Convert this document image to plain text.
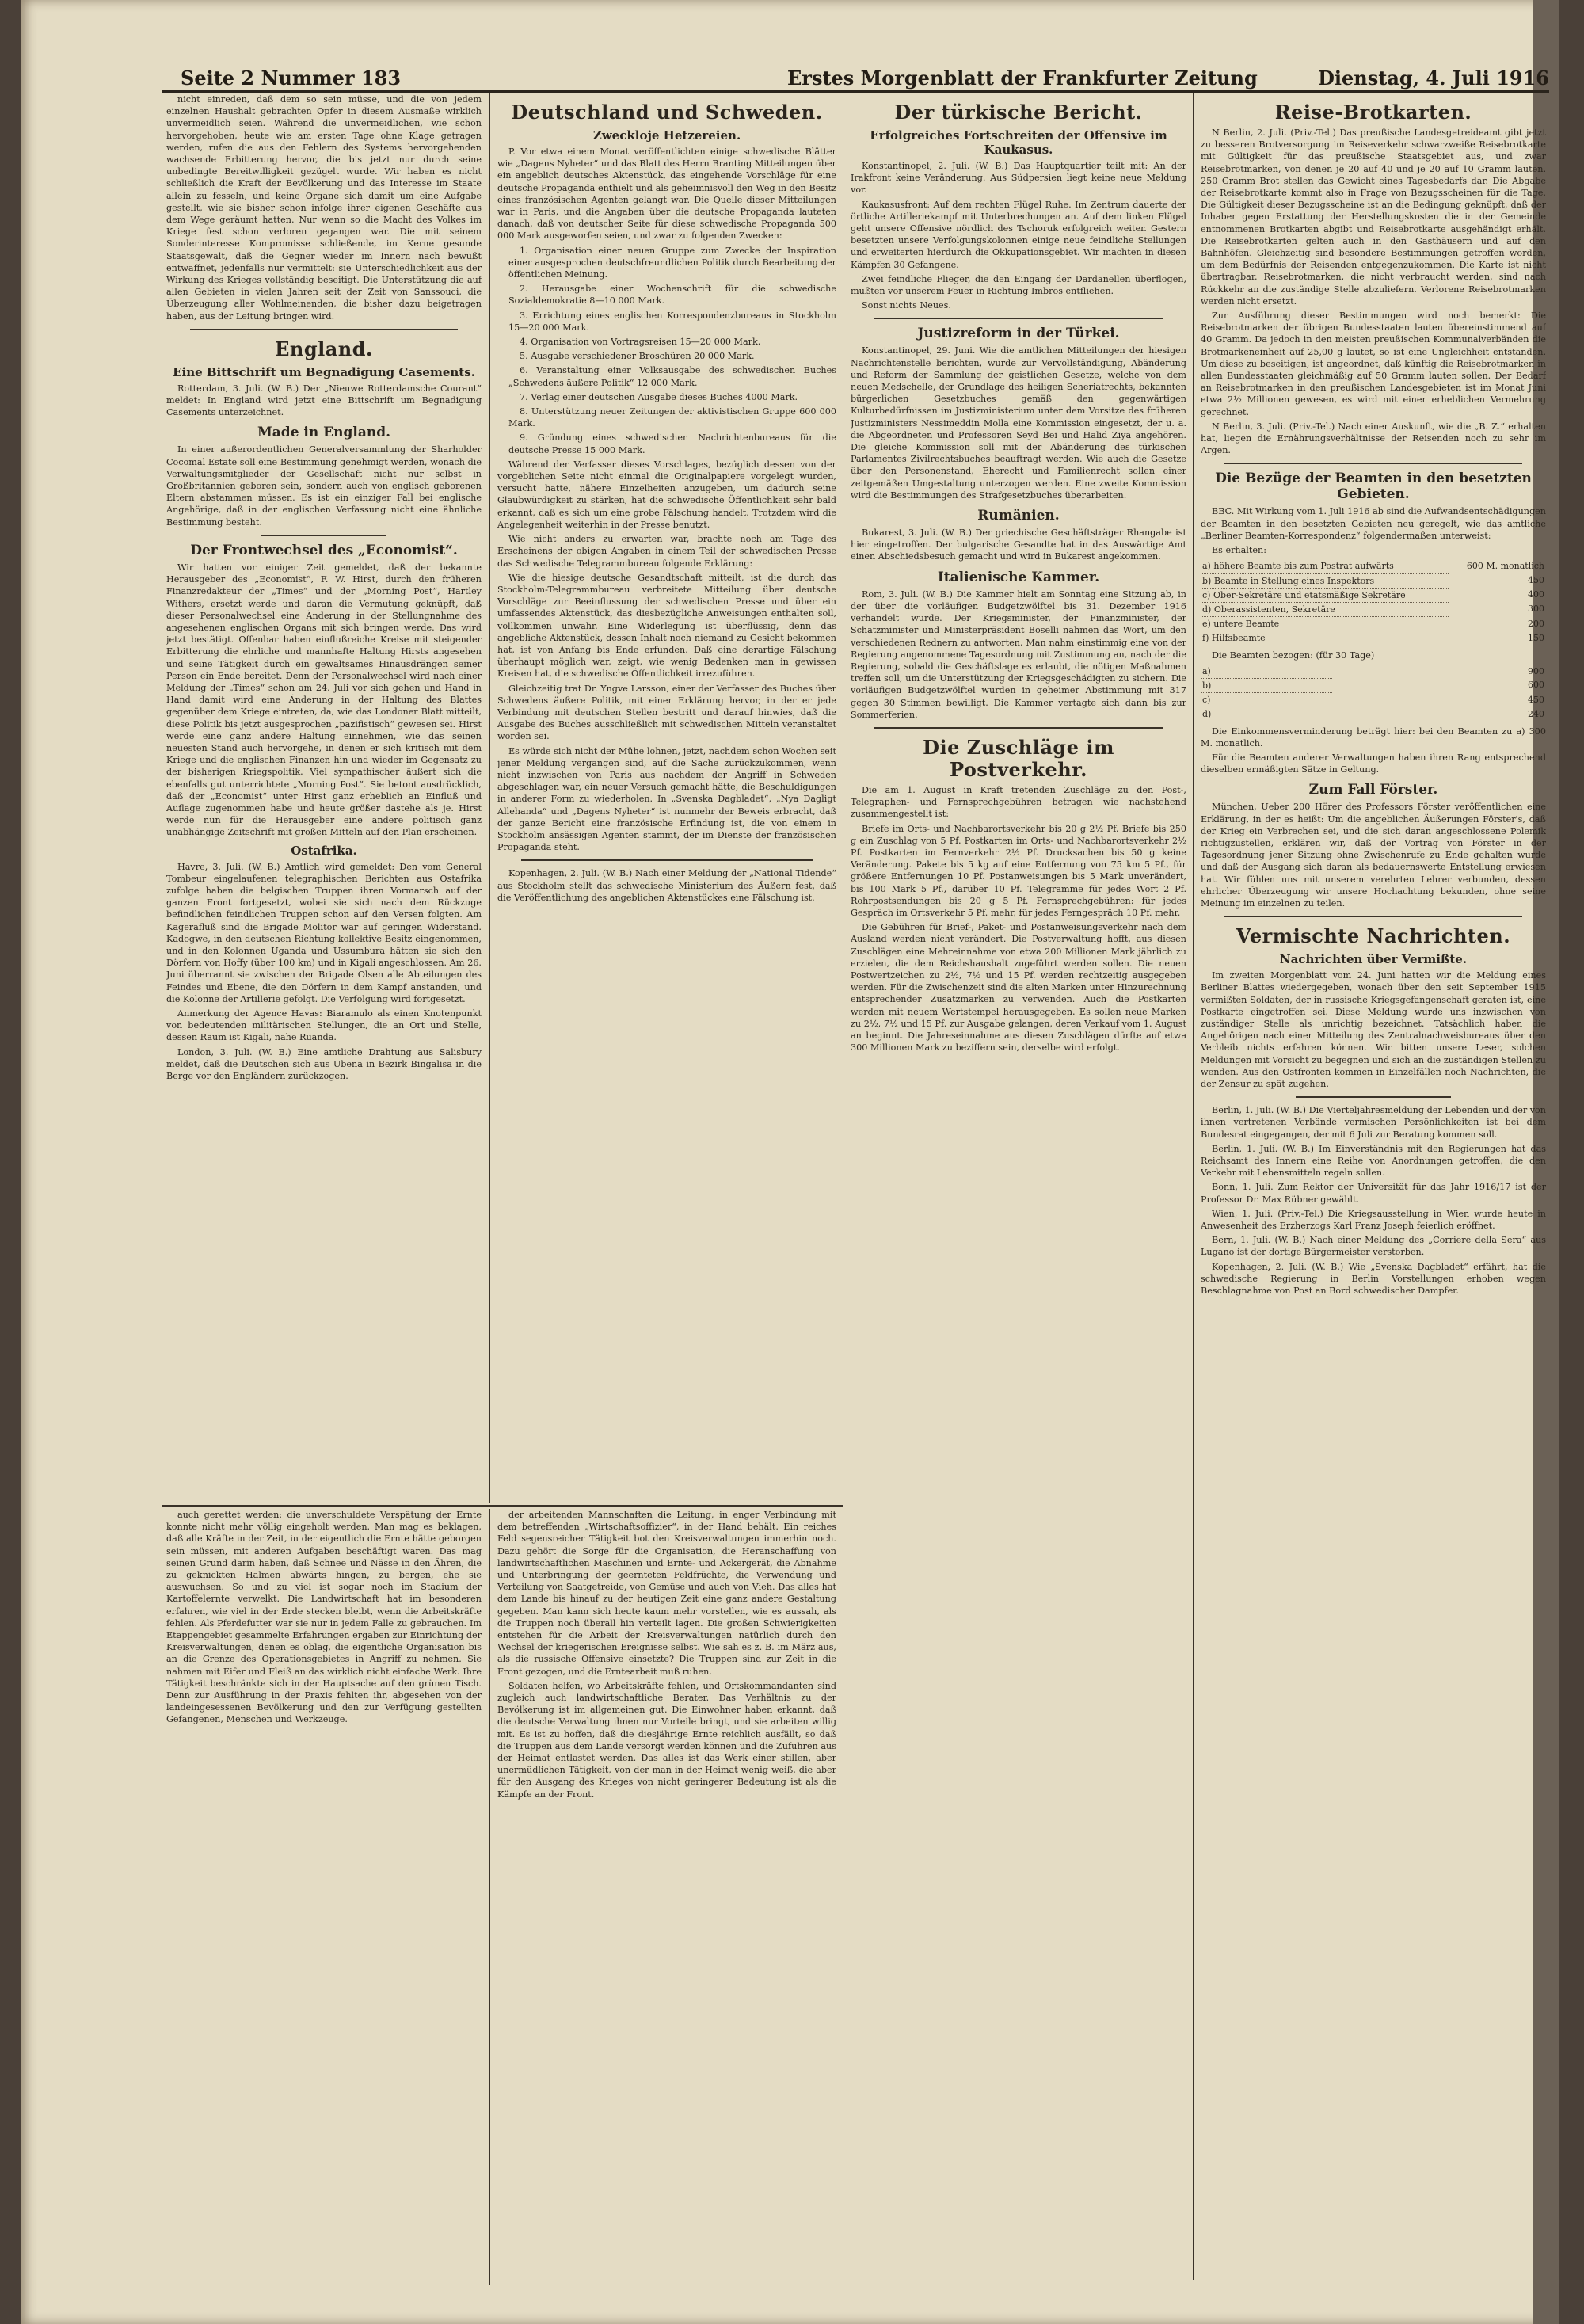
Seite 2 Nummer 183	Erstes Morgenblatt der Frankfurter Zeitung	Dienstag, 4. Juli 1916

nicht einreden, daß dem so sein müsse, und die von jedem einzelnen Haushalt gebrachten Opfer in diesem Ausmaße wirklich unvermeidlich seien. Während die unvermeidlichen, wie schon hervorgehoben, heute wie am ersten Tage ohne Klage getragen werden, rufen die aus den Fehlern des Systems hervorgehenden wachsende Erbitterung hervor, die bis jetzt nur durch seine unbedingte Bereitwilligkeit gezügelt wurde. Wir haben es nicht schließlich die Kraft der Bevölkerung und das Interesse im Staate allein zu fesseln, und keine Organe sich damit um eine Aufgabe gestellt, wie sie bisher schon infolge ihrer eigenen Geschäfte aus dem Wege geräumt hatten. Nur wenn so die Macht des Volkes im Kriege fest schon verloren gegangen war. Die mit seinem Sonderinteresse Kompromisse schließende, im Kerne gesunde Staatsgewalt, daß die Gegner wieder im Innern nach bewußt entwaffnet, jedenfalls nur vermittelt: sie Unterschiedlichkeit aus der Wirkung des Krieges vollständig beseitigt. Die Unterstützung die auf allen Gebieten in vielen Jahren seit der Zeit von Sanssouci, die Überzeugung aller Wohlmeinenden, die bisher dazu beigetragen haben, aus der Leitung bringen wird.

England.
Eine Bittschrift um Begnadigung Casements.

Rotterdam, 3. Juli. (W. B.) Der „Nieuwe Rotterdamsche Courant“ meldet: In England wird jetzt eine Bittschrift um Begnadigung Casements unterzeichnet.

Made in England.

In einer außerordentlichen Generalversammlung der Sharholder Cocomal Estate soll eine Bestimmung genehmigt werden, wonach die Verwaltungsmitglieder der Gesellschaft nicht nur selbst in Großbritannien geboren sein, sondern auch von englisch geborenen Eltern abstammen müssen. Es ist ein einziger Fall bei englische Angehörige, daß in der englischen Verfassung nicht eine ähnliche Bestimmung besteht.

Der Frontwechsel des „Economist“.

Wir hatten vor einiger Zeit gemeldet, daß der bekannte Herausgeber des „Economist“, F. W. Hirst, durch den früheren Finanzredakteur der „Times“ und der „Morning Post“, Hartley Withers, ersetzt werde und daran die Vermutung geknüpft, daß dieser Personalwechsel eine Änderung in der Stellungnahme des angesehenen englischen Organs mit sich bringen werde. Das wird jetzt bestätigt. Offenbar haben einflußreiche Kreise mit steigender Erbitterung die ehrliche und mannhafte Haltung Hirsts angesehen und seine Tätigkeit durch ein gewaltsames Hinausdrängen seiner Person ein Ende bereitet. Denn der Personalwechsel wird nach einer Meldung der „Times“ schon am 24. Juli vor sich gehen und Hand in Hand damit wird eine Änderung in der Haltung des Blattes gegenüber dem Kriege eintreten, da, wie das Londoner Blatt mitteilt, diese Politik bis jetzt ausgesprochen „pazifistisch“ gewesen sei. Hirst werde eine ganz andere Haltung einnehmen, wie das seinen neuesten Stand auch hervorgehe, in denen er sich kritisch mit dem Kriege und die englischen Finanzen hin und wieder im Gegensatz zu der bisherigen Kriegspolitik. Viel sympathischer äußert sich die ebenfalls gut unterrichtete „Morning Post“. Sie betont ausdrücklich, daß der „Economist“ unter Hirst ganz erheblich an Einfluß und Auflage zugenommen habe und heute größer dastehe als je. Hirst werde nun für die Herausgeber eine andere politisch ganz unabhängige Zeitschrift mit großen Mitteln auf den Plan erscheinen.

Ostafrika.

Havre, 3. Juli. (W. B.) Amtlich wird gemeldet: Den vom General Tombeur eingelaufenen telegraphischen Berichten aus Ostafrika zufolge haben die belgischen Truppen ihren Vormarsch auf der ganzen Front fortgesetzt, wobei sie sich nach dem Rückzuge befindlichen feindlichen Truppen schon auf den Versen folgten. Am Kagerafluß sind die Brigade Molitor war auf geringen Widerstand. Kadogwe, in den deutschen Richtung kollektive Besitz eingenommen, und in den Kolonnen Uganda und Ussumbura hätten sie sich den Dörfern von Hoffy (über 100 km) und in Kigali angeschlossen. Am 26. Juni überrannt sie zwischen der Brigade Olsen alle Abteilungen des Feindes und Ebene, die den Dörfern in dem Kampf anstanden, und die Kolonne der Artillerie gefolgt. Die Verfolgung wird fortgesetzt.

Anmerkung der Agence Havas: Biaramulo als einen Knotenpunkt von bedeutenden militärischen Stellungen, die an Ort und Stelle, dessen Raum ist Kigali, nahe Ruanda.

London, 3. Juli. (W. B.) Eine amtliche Drahtung aus Salisbury meldet, daß die Deutschen sich aus Ubena in Bezirk Bingalisa in die Berge vor den Engländern zurückzogen.

Deutschland und Schweden.
Zweckloje Hetzereien.

P. Vor etwa einem Monat veröffentlichten einige schwedische Blätter wie „Dagens Nyheter“ und das Blatt des Herrn Branting Mitteilungen über ein angeblich deutsches Aktenstück, das eingehende Vorschläge für eine deutsche Propaganda enthielt und als geheimnisvoll den Weg in den Besitz eines französischen Agenten gelangt war. Die Quelle dieser Mitteilungen war in Paris, und die Angaben über die deutsche Propaganda lauteten danach, daß von deutscher Seite für diese schwedische Propaganda 500 000 Mark ausgeworfen seien, und zwar zu folgenden Zwecken:

1. Organisation einer neuen Gruppe zum Zwecke der Inspiration einer ausgesprochen deutschfreundlichen Politik durch Bearbeitung der öffentlichen Meinung.

2. Herausgabe einer Wochenschrift für die schwedische Sozialdemokratie 8—10 000 Mark.

3. Errichtung eines englischen Korrespondenzbureaus in Stockholm 15—20 000 Mark.

4. Organisation von Vortragsreisen 15—20 000 Mark.

5. Ausgabe verschiedener Broschüren 20 000 Mark.

6. Veranstaltung einer Volksausgabe des schwedischen Buches „Schwedens äußere Politik“ 12 000 Mark.

7. Verlag einer deutschen Ausgabe dieses Buches 4000 Mark.

8. Unterstützung neuer Zeitungen der aktivistischen Gruppe 600 000 Mark.

9. Gründung eines schwedischen Nachrichtenbureaus für die deutsche Presse 15 000 Mark.

Während der Verfasser dieses Vorschlages, bezüglich dessen von der vorgeblichen Seite nicht einmal die Originalpapiere vorgelegt wurden, versucht hatte, nähere Einzelheiten anzugeben, um dadurch seine Glaubwürdigkeit zu stärken, hat die schwedische Öffentlichkeit sehr bald erkannt, daß es sich um eine grobe Fälschung handelt. Trotzdem wird die Angelegenheit weiterhin in der Presse benutzt.

Wie nicht anders zu erwarten war, brachte noch am Tage des Erscheinens der obigen Angaben in einem Teil der schwedischen Presse das Schwedische Telegrammbureau folgende Erklärung:

Wie die hiesige deutsche Gesandtschaft mitteilt, ist die durch das Stockholm-Telegrammbureau verbreitete Mitteilung über deutsche Vorschläge zur Beeinflussung der schwedischen Presse und über ein umfassendes Aktenstück, das diesbezügliche Anweisungen enthalten soll, vollkommen unwahr. Eine Widerlegung ist überflüssig, denn das angebliche Aktenstück, dessen Inhalt noch niemand zu Gesicht bekommen hat, ist von Anfang bis Ende erfunden. Daß eine derartige Fälschung überhaupt möglich war, zeigt, wie wenig Bedenken man in gewissen Kreisen hat, die schwedische Öffentlichkeit irrezuführen.

Gleichzeitig trat Dr. Yngve Larsson, einer der Verfasser des Buches über Schwedens äußere Politik, mit einer Erklärung hervor, in der er jede Verbindung mit deutschen Stellen bestritt und darauf hinwies, daß die Ausgabe des Buches ausschließlich mit schwedischen Mitteln veranstaltet worden sei.

Es würde sich nicht der Mühe lohnen, jetzt, nachdem schon Wochen seit jener Meldung vergangen sind, auf die Sache zurückzukommen, wenn nicht inzwischen von Paris aus nachdem der Angriff in Schweden abgeschlagen war, ein neuer Versuch gemacht hätte, die Beschuldigungen in anderer Form zu wiederholen. In „Svenska Dagbladet“, „Nya Dagligt Allehanda“ und „Dagens Nyheter“ ist nunmehr der Beweis erbracht, daß der ganze Bericht eine französische Erfindung ist, die von einem in Stockholm ansässigen Agenten stammt, der im Dienste der französischen Propaganda steht.

Kopenhagen, 2. Juli. (W. B.) Nach einer Meldung der „National Tidende“ aus Stockholm stellt das schwedische Ministerium des Äußern fest, daß die Veröffentlichung des angeblichen Aktenstückes eine Fälschung ist.

Der türkische Bericht.
Erfolgreiches Fortschreiten der Offensive im Kaukasus.

Konstantinopel, 2. Juli. (W. B.) Das Hauptquartier teilt mit: An der Irakfront keine Veränderung. Aus Südpersien liegt keine neue Meldung vor.

Kaukasusfront: Auf dem rechten Flügel Ruhe. Im Zentrum dauerte der örtliche Artilleriekampf mit Unterbrechungen an. Auf dem linken Flügel geht unsere Offensive nördlich des Tschoruk erfolgreich weiter. Gestern besetzten unsere Verfolgungskolonnen einige neue feindliche Stellungen und erweiterten hierdurch die Okkupationsgebiet. Wir machten in diesen Kämpfen 30 Gefangene.

Zwei feindliche Flieger, die den Eingang der Dardanellen überflogen, mußten vor unserem Feuer in Richtung Imbros entfliehen.

Sonst nichts Neues.

Justizreform in der Türkei.

Konstantinopel, 29. Juni. Wie die amtlichen Mitteilungen der hiesigen Nachrichtenstelle berichten, wurde zur Vervollständigung, Abänderung und Reform der Sammlung der geistlichen Gesetze, welche von dem neuen Medschelle, der Grundlage des heiligen Scheriatrechts, bekannten bürgerlichen Gesetzbuches gemäß den gegenwärtigen Kulturbedürfnissen im Justizministerium unter dem Vorsitze des früheren Justizministers Nessimeddin Molla eine Kommission eingesetzt, der u. a. die Abgeordneten und Professoren Seyd Bei und Halid Ziya angehören. Die gleiche Kommission soll mit der Abänderung des türkischen Parlamentes Zivilrechtsbuches beauftragt werden. Wie auch die Gesetze über den Personenstand, Eherecht und Familienrecht sollen einer zeitgemäßen Umgestaltung unterzogen werden. Eine zweite Kommission wird die Bestimmungen des Strafgesetzbuches überarbeiten.

Rumänien.

Bukarest, 3. Juli. (W. B.) Der griechische Geschäftsträger Rhangabe ist hier eingetroffen. Der bulgarische Gesandte hat in das Auswärtige Amt einen Abschiedsbesuch gemacht und wird in Bukarest angekommen.

Italienische Kammer.

Rom, 3. Juli. (W. B.) Die Kammer hielt am Sonntag eine Sitzung ab, in der über die vorläufigen Budgetzwölftel bis 31. Dezember 1916 verhandelt wurde. Der Kriegsminister, der Finanzminister, der Schatzminister und Ministerpräsident Boselli nahmen das Wort, um den verschiedenen Rednern zu antworten. Man nahm einstimmig eine von der Regierung angenommene Tagesordnung mit Zustimmung an, nach der die Regierung, sobald die Geschäftslage es erlaubt, die nötigen Maßnahmen treffen soll, um die Unterstützung der Kriegsgeschädigten zu sichern. Die vorläufigen Budgetzwölftel wurden in geheimer Abstimmung mit 317 gegen 30 Stimmen bewilligt. Die Kammer vertagte sich dann bis zur Sommerferien.

Die Zuschläge im Postverkehr.

Die am 1. August in Kraft tretenden Zuschläge zu den Post-, Telegraphen- und Fernsprechgebühren betragen wie nachstehend zusammengestellt ist:

Briefe im Orts- und Nachbarortsverkehr bis 20 g 2½ Pf. Briefe bis 250 g ein Zuschlag von 5 Pf. Postkarten im Orts- und Nachbarortsverkehr 2½ Pf. Postkarten im Fernverkehr 2½ Pf. Drucksachen bis 50 g keine Veränderung. Pakete bis 5 kg auf eine Entfernung von 75 km 5 Pf., für größere Entfernungen 10 Pf. Postanweisungen bis 5 Mark unverändert, bis 100 Mark 5 Pf., darüber 10 Pf. Telegramme für jedes Wort 2 Pf. Rohrpostsendungen bis 20 g 5 Pf. Fernsprechgebühren: für jedes Gespräch im Ortsverkehr 5 Pf. mehr, für jedes Ferngespräch 10 Pf. mehr.

Die Gebühren für Brief-, Paket- und Postanweisungsverkehr nach dem Ausland werden nicht verändert. Die Postverwaltung hofft, aus diesen Zuschlägen eine Mehreinnahme von etwa 200 Millionen Mark jährlich zu erzielen, die dem Reichshaushalt zugeführt werden sollen. Die neuen Postwertzeichen zu 2½, 7½ und 15 Pf. werden rechtzeitig ausgegeben werden. Für die Zwischenzeit sind die alten Marken unter Hinzurechnung entsprechender Zusatzmarken zu verwenden. Auch die Postkarten werden mit neuem Wertstempel herausgegeben. Es sollen neue Marken zu 2½, 7½ und 15 Pf. zur Ausgabe gelangen, deren Verkauf vom 1. August an beginnt. Die Jahreseinnahme aus diesen Zuschlägen dürfte auf etwa 300 Millionen Mark zu beziffern sein, derselbe wird erfolgt.

Reise-Brotkarten.

N Berlin, 2. Juli. (Priv.-Tel.) Das preußische Landesgetreideamt gibt jetzt zu besseren Brotversorgung im Reiseverkehr schwarzweiße Reisebrotkarte mit Gültigkeit für das preußische Staatsgebiet aus, und zwar Reisebrotmarken, von denen je 20 auf 40 und je 20 auf 10 Gramm lauten. 250 Gramm Brot stellen das Gewicht eines Tagesbedarfs dar. Die Abgabe der Reisebrotkarte kommt also in Frage von Bezugsscheinen für die Tage. Die Gültigkeit dieser Bezugsscheine ist an die Bedingung geknüpft, daß der Inhaber gegen Erstattung der Herstellungskosten die in der Gemeinde entnommenen Brotkarten abgibt und Reisebrotkarte ausgehändigt erhält. Die Reisebrotkarten gelten auch in den Gasthäusern und auf den Bahnhöfen. Gleichzeitig sind besondere Bestimmungen getroffen worden, um dem Bedürfnis der Reisenden entgegenzukommen. Die Karte ist nicht übertragbar. Reisebrotmarken, die nicht verbraucht werden, sind nach Rückkehr an die zuständige Stelle abzuliefern. Verlorene Reisebrotmarken werden nicht ersetzt.

Zur Ausführung dieser Bestimmungen wird noch bemerkt: Die Reisebrotmarken der übrigen Bundesstaaten lauten übereinstimmend auf 40 Gramm. Da jedoch in den meisten preußischen Kommunalverbänden die Brotmarkeneinheit auf 25,00 g lautet, so ist eine Ungleichheit entstanden. Um diese zu beseitigen, ist angeordnet, daß künftig die Reisebrotmarken in allen Bundesstaaten gleichmäßig auf 50 Gramm lauten sollen. Der Bedarf an Reisebrotmarken in den preußischen Landesgebieten ist im Monat Juni etwa 2½ Millionen gewesen, es wird mit einer erheblichen Vermehrung gerechnet.

N Berlin, 3. Juli. (Priv.-Tel.) Nach einer Auskunft, wie die „B. Z.“ erhalten hat, liegen die Ernährungsverhältnisse der Reisenden noch zu sehr im Argen.

Die Bezüge der Beamten in den besetzten Gebieten.

BBC. Mit Wirkung vom 1. Juli 1916 ab sind die Aufwandsentschädigungen der Beamten in den besetzten Gebieten neu geregelt, wie das amtliche „Berliner Beamten-Korrespondenz“ folgendermaßen unterweist:

Es erhalten:

a) höhere Beamte bis zum Postrat aufwärts	600 M. monatlich
b) Beamte in Stellung eines Inspektors	450
c) Ober-Sekretäre und etatsmäßige Sekretäre	400
d) Oberassistenten, Sekretäre	300
e) untere Beamte	200
f) Hilfsbeamte	150

Die Beamten bezogen: (für 30 Tage)

a)	900
b)	600
c)	450
d)	240

Die Einkommensverminderung beträgt hier: bei den Beamten zu a) 300 M. monatlich.

Für die Beamten anderer Verwaltungen haben ihren Rang entsprechend dieselben ermäßigten Sätze in Geltung.

Zum Fall Förster.

München, Ueber 200 Hörer des Professors Förster veröffentlichen eine Erklärung, in der es heißt: Um die angeblichen Äußerungen Förster's, daß der Krieg ein Verbrechen sei, und die sich daran angeschlossene Polemik richtigzustellen, erklären wir, daß der Vortrag von Förster in der Tagesordnung jener Sitzung ohne Zwischenrufe zu Ende gehalten wurde und daß der Ausgang sich daran als bedauernswerte Entstellung erwiesen hat. Wir fühlen uns mit unserem verehrten Lehrer verbunden, dessen ehrlicher Überzeugung wir unsere Hochachtung bekunden, ohne seine Meinung im einzelnen zu teilen.

Vermischte Nachrichten.
Nachrichten über Vermißte.

Im zweiten Morgenblatt vom 24. Juni hatten wir die Meldung eines Berliner Blattes wiedergegeben, wonach über den seit September 1915 vermißten Soldaten, der in russische Kriegsgefangenschaft geraten ist, eine Postkarte eingetroffen sei. Diese Meldung wurde uns inzwischen von zuständiger Stelle als unrichtig bezeichnet. Tatsächlich haben die Angehörigen nach einer Mitteilung des Zentralnachweisbureaus über den Verbleib nichts erfahren können. Wir bitten unsere Leser, solchen Meldungen mit Vorsicht zu begegnen und sich an die zuständigen Stellen zu wenden. Aus den Ostfronten kommen in Einzelfällen noch Nachrichten, die der Zensur zu spät zugehen.

Berlin, 1. Juli. (W. B.) Die Vierteljahresmeldung der Lebenden und der von ihnen vertretenen Verbände vermischen Persönlichkeiten ist bei dem Bundesrat eingegangen, der mit 6 Juli zur Beratung kommen soll.

Berlin, 1. Juli. (W. B.) Im Einverständnis mit den Regierungen hat das Reichsamt des Innern eine Reihe von Anordnungen getroffen, die den Verkehr mit Lebensmitteln regeln sollen.

Bonn, 1. Juli. Zum Rektor der Universität für das Jahr 1916/17 ist der Professor Dr. Max Rübner gewählt.

Wien, 1. Juli. (Priv.-Tel.) Die Kriegsausstellung in Wien wurde heute in Anwesenheit des Erzherzogs Karl Franz Joseph feierlich eröffnet.

Bern, 1. Juli. (W. B.) Nach einer Meldung des „Corriere della Sera“ aus Lugano ist der dortige Bürgermeister verstorben.

Kopenhagen, 2. Juli. (W. B.) Wie „Svenska Dagbladet“ erfährt, hat die schwedische Regierung in Berlin Vorstellungen erhoben wegen Beschlagnahme von Post an Bord schwedischer Dampfer.

auch gerettet werden: die unverschuldete Verspätung der Ernte konnte nicht mehr völlig eingeholt werden. Man mag es beklagen, daß alle Kräfte in der Zeit, in der eigentlich die Ernte hätte geborgen sein müssen, mit anderen Aufgaben beschäftigt waren. Das mag seinen Grund darin haben, daß Schnee und Nässe in den Ähren, die zu geknickten Halmen abwärts hingen, zu bergen, ehe sie auswuchsen. So und zu viel ist sogar noch im Stadium der Kartoffelernte verwelkt. Die Landwirtschaft hat im besonderen erfahren, wie viel in der Erde stecken bleibt, wenn die Arbeitskräfte fehlen. Als Pferdefutter war sie nur in jedem Falle zu gebrauchen. Im Etappengebiet gesammelte Erfahrungen ergaben zur Einrichtung der Kreisverwaltungen, denen es oblag, die eigentliche Organisation bis an die Grenze des Operationsgebietes in Angriff zu nehmen. Sie nahmen mit Eifer und Fleiß an das wirklich nicht einfache Werk. Ihre Tätigkeit beschränkte sich in der Hauptsache auf den grünen Tisch. Denn zur Ausführung in der Praxis fehlten ihr, abgesehen von der landeingesessenen Bevölkerung und den zur Verfügung gestellten Gefangenen, Menschen und Werkzeuge.

der arbeitenden Mannschaften die Leitung, in enger Verbindung mit dem betreffenden „Wirtschaftsoffizier“, in der Hand behält. Ein reiches Feld segensreicher Tätigkeit bot den Kreisverwaltungen immerhin noch. Dazu gehört die Sorge für die Organisation, die Heranschaffung von landwirtschaftlichen Maschinen und Ernte- und Ackergerät, die Abnahme und Unterbringung der geernteten Feldfrüchte, die Verwendung und Verteilung von Saatgetreide, von Gemüse und auch von Vieh. Das alles hat dem Lande bis hinauf zu der heutigen Zeit eine ganz andere Gestaltung gegeben. Man kann sich heute kaum mehr vorstellen, wie es aussah, als die Truppen noch überall hin verteilt lagen. Die großen Schwierigkeiten entstehen für die Arbeit der Kreisverwaltungen natürlich durch den Wechsel der kriegerischen Ereignisse selbst. Wie sah es z. B. im März aus, als die russische Offensive einsetzte? Die Truppen sind zur Zeit in die Front gezogen, und die Erntearbeit muß ruhen.

Soldaten helfen, wo Arbeitskräfte fehlen, und Ortskommandanten sind zugleich auch landwirtschaftliche Berater. Das Verhältnis zu der Bevölkerung ist im allgemeinen gut. Die Einwohner haben erkannt, daß die deutsche Verwaltung ihnen nur Vorteile bringt, und sie arbeiten willig mit. Es ist zu hoffen, daß die diesjährige Ernte reichlich ausfällt, so daß die Truppen aus dem Lande versorgt werden können und die Zufuhren aus der Heimat entlastet werden. Das alles ist das Werk einer stillen, aber unermüdlichen Tätigkeit, von der man in der Heimat wenig weiß, die aber für den Ausgang des Krieges von nicht geringerer Bedeutung ist als die Kämpfe an der Front.
